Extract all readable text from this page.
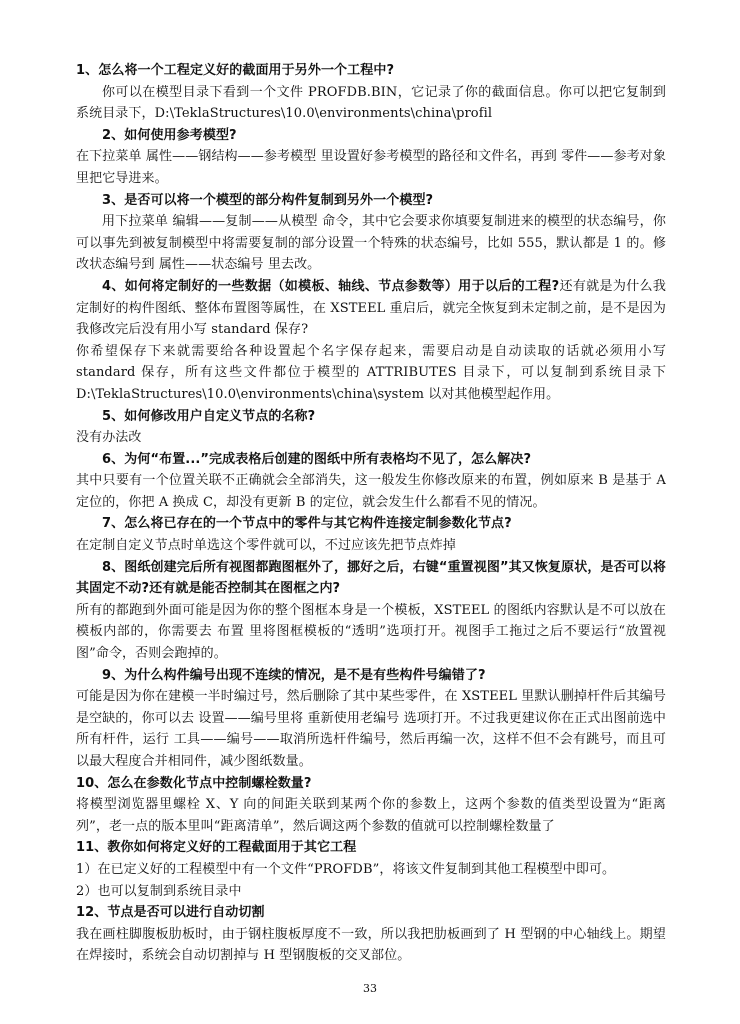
1、怎么将一个工程定义好的截面用于另外一个工程中?

你可以在模型目录下看到一个文件 PROFDB.BIN，它记录了你的截面信息。你可以把它复制到系统目录下，D:\TeklaStructures\10.0\environments\china\profil

2、如何使用参考模型?

在下拉菜单 属性——钢结构——参考模型 里设置好参考模型的路径和文件名，再到 零件——参考对象里把它导进来。

3、是否可以将一个模型的部分构件复制到另外一个模型?

用下拉菜单 编辑——复制——从模型 命令，其中它会要求你填要复制进来的模型的状态编号，你可以事先到被复制模型中将需要复制的部分设置一个特殊的状态编号，比如 555，默认都是 1 的。修改状态编号到 属性——状态编号 里去改。

4、如何将定制好的一些数据（如模板、轴线、节点参数等）用于以后的工程?还有就是为什么我定制好的构件图纸、整体布置图等属性，在 XSTEEL 重启后，就完全恢复到未定制之前，是不是因为我修改完后没有用小写 standard 保存?

你希望保存下来就需要给各种设置起个名字保存起来，需要启动是自动读取的话就必须用小写 standard 保存，所有这些文件都位于模型的 ATTRIBUTES 目录下，可以复制到系统目录下 D:\TeklaStructures\10.0\environments\china\system 以对其他模型起作用。

5、如何修改用户自定义节点的名称?

没有办法改

6、为何“布置...”完成表格后创建的图纸中所有表格均不见了，怎么解决?

其中只要有一个位置关联不正确就会全部消失，这一般发生你修改原来的布置，例如原来 B 是基于 A 定位的，你把 A 换成 C，却没有更新 B 的定位，就会发生什么都看不见的情况。

7、怎么将已存在的一个节点中的零件与其它构件连接定制参数化节点?

在定制自定义节点时单选这个零件就可以，不过应该先把节点炸掉

8、图纸创建完后所有视图都跑图框外了，挪好之后，右键“重置视图”其又恢复原状，是否可以将其固定不动?还有就是能否控制其在图框之内?

所有的都跑到外面可能是因为你的整个图框本身是一个模板，XSTEEL 的图纸内容默认是不可以放在模板内部的，你需要去 布置 里将图框模板的“透明”选项打开。视图手工拖过之后不要运行“放置视图”命令，否则会跑掉的。

9、为什么构件编号出现不连续的情况，是不是有些构件号编错了?

可能是因为你在建模一半时编过号，然后删除了其中某些零件，在 XSTEEL 里默认删掉杆件后其编号是空缺的，你可以去 设置——编号里将 重新使用老编号 选项打开。不过我更建议你在正式出图前选中所有杆件，运行 工具——编号——取消所选杆件编号，然后再编一次，这样不但不会有跳号，而且可以最大程度合并相同件，减少图纸数量。

10、怎么在参数化节点中控制螺栓数量?

将模型浏览器里螺栓 X、Y 向的间距关联到某两个你的参数上，这两个参数的值类型设置为“距离列”，老一点的版本里叫“距离清单”，然后调这两个参数的值就可以控制螺栓数量了

11、教你如何将定义好的工程截面用于其它工程

1）在已定义好的工程模型中有一个文件“PROFDB”，将该文件复制到其他工程模型中即可。

2）也可以复制到系统目录中

12、节点是否可以进行自动切割

我在画柱脚腹板肋板时，由于钢柱腹板厚度不一致，所以我把肋板画到了 H 型钢的中心轴线上。期望在焊接时，系统会自动切割掉与 H 型钢腹板的交叉部位。

33
